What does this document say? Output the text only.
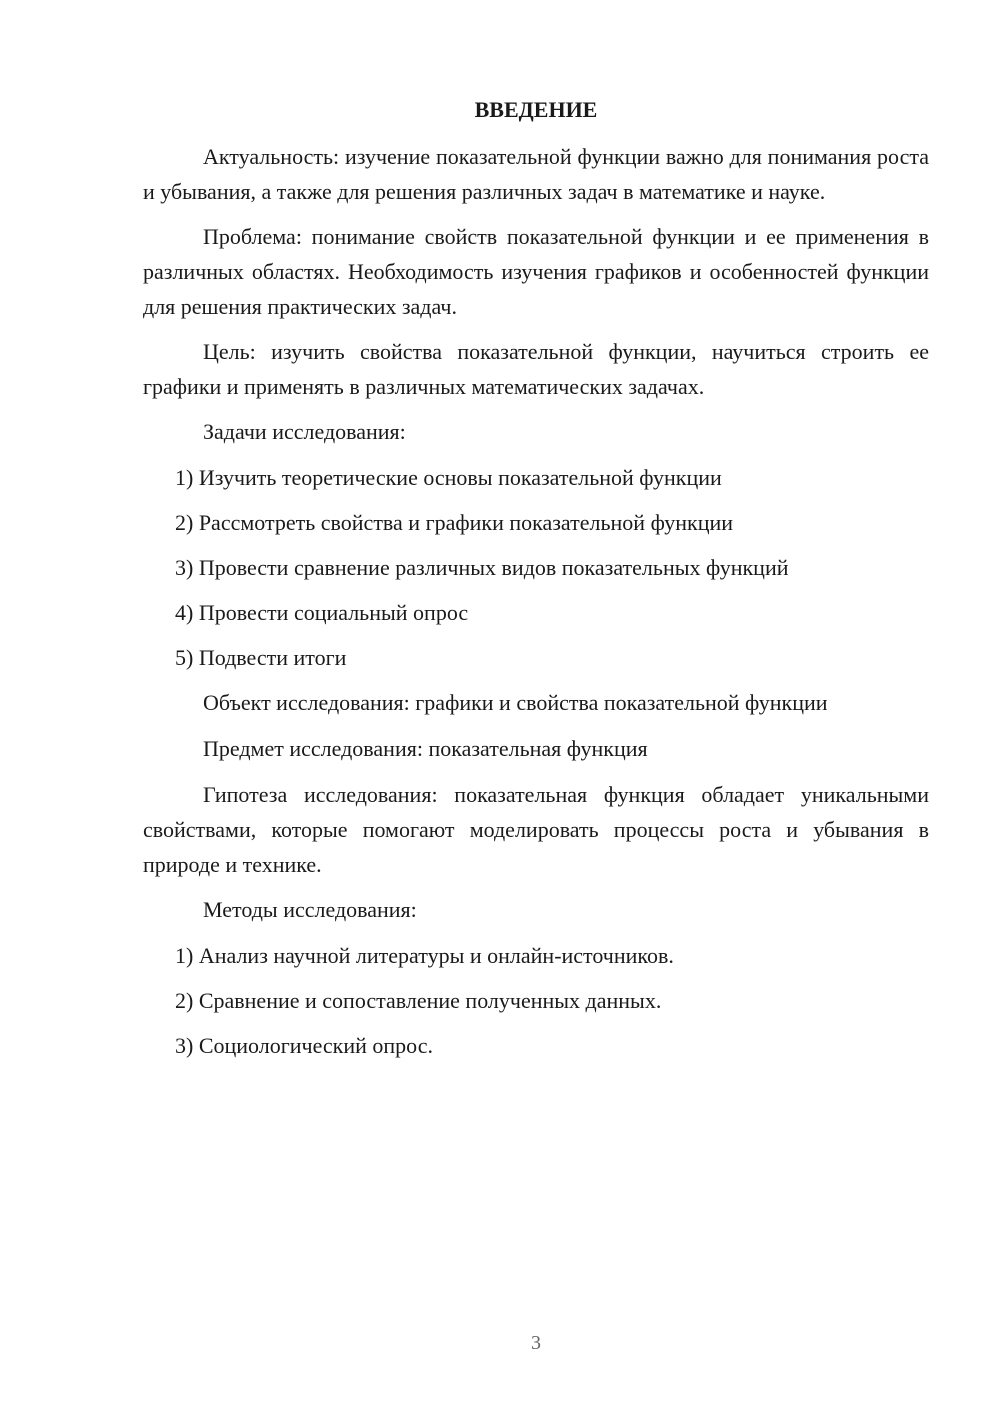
ВВЕДЕНИЕ

Актуальность: изучение показательной функции важно для понимания роста и убывания, а также для решения различных задач в математике и науке.

Проблема: понимание свойств показательной функции и ее применения в различных областях. Необходимость изучения графиков и особенностей функции для решения практических задач.

Цель: изучить свойства показательной функции, научиться строить ее графики и применять в различных математических задачах.

Задачи исследования:

1) Изучить теоретические основы показательной функции
2) Рассмотреть свойства и графики показательной функции
3) Провести сравнение различных видов показательных функций
4) Провести социальный опрос
5) Подвести итоги

Объект исследования: графики и свойства показательной функции

Предмет исследования: показательная функция

Гипотеза исследования: показательная функция обладает уникальными свойствами, которые помогают моделировать процессы роста и убывания в природе и технике.

Методы исследования:

1) Анализ научной литературы и онлайн-источников.
2) Сравнение и сопоставление полученных данных.
3) Социологический опрос.
3
